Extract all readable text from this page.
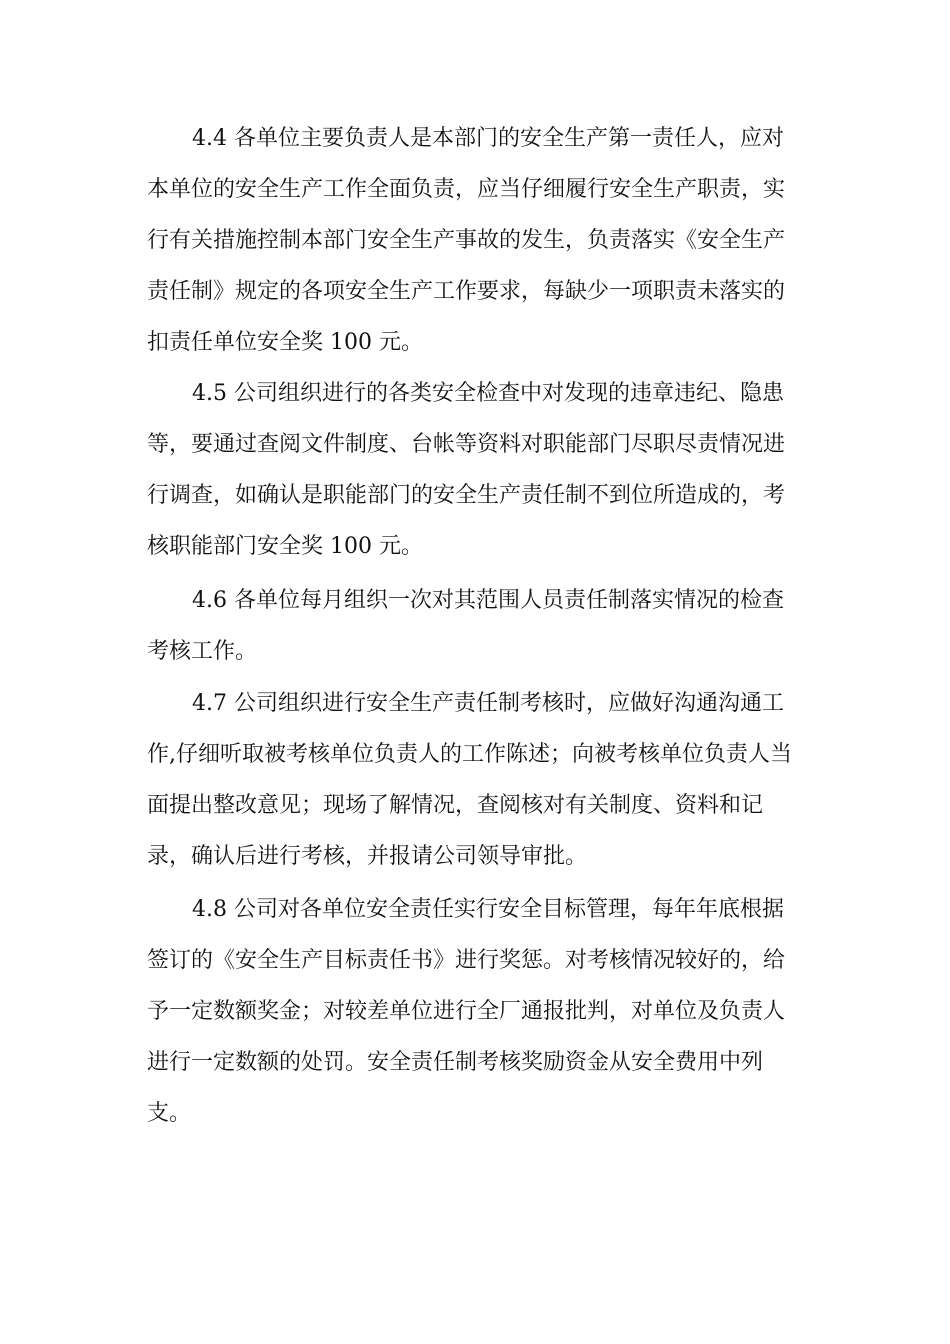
4.4 各单位主要负责人是本部门的安全生产第一责任人，应对
本单位的安全生产工作全面负责，应当仔细履行安全生产职责，实
行有关措施控制本部门安全生产事故的发生，负责落实《安全生产
责任制》规定的各项安全生产工作要求，每缺少一项职责未落实的
扣责任单位安全奖 100 元。
4.5 公司组织进行的各类安全检查中对发现的违章违纪、隐患
等，要通过查阅文件制度、台帐等资料对职能部门尽职尽责情况进
行调查，如确认是职能部门的安全生产责任制不到位所造成的，考
核职能部门安全奖 100 元。
4.6 各单位每月组织一次对其范围人员责任制落实情况的检查
考核工作。
4.7 公司组织进行安全生产责任制考核时，应做好沟通沟通工
作,仔细听取被考核单位负责人的工作陈述；向被考核单位负责人当
面提出整改意见；现场了解情况，查阅核对有关制度、资料和记
录，确认后进行考核，并报请公司领导审批。
4.8 公司对各单位安全责任实行安全目标管理，每年年底根据
签订的《安全生产目标责任书》进行奖惩。对考核情况较好的，给
予一定数额奖金；对较差单位进行全厂通报批判，对单位及负责人
进行一定数额的处罚。安全责任制考核奖励资金从安全费用中列
支。
